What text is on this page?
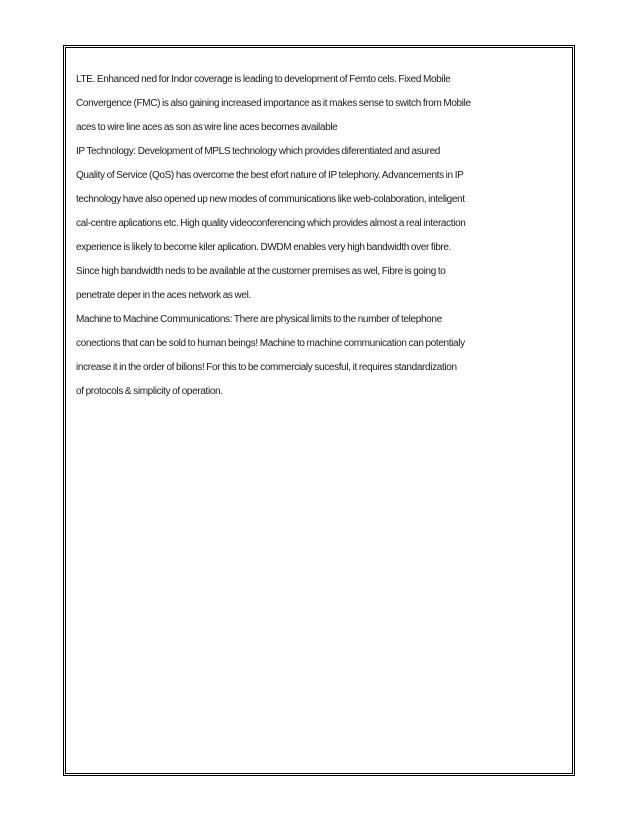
LTE. Enhanced ned for Indor coverage is leading to development of Femto cels. Fixed Mobile

Convergence (FMC) is also gaining increased importance as it makes sense to switch from Mobile

aces to wire line aces as son as wire line aces becomes available

IP Technology: Development of MPLS technology which provides diferentiated and asured

Quality of Service (QoS) has overcome the best efort nature of IP telephony. Advancements in IP

technology have also opened up new modes of communications like web-colaboration, inteligent

cal-centre aplications etc. High quality videoconferencing which provides almost a real interaction

experience is likely to become kiler aplication. DWDM enables very high bandwidth over fibre.

Since high bandwidth neds to be available at the customer premises as wel, Fibre is going to

penetrate deper in the aces network as wel.

Machine to Machine Communications: There are physical limits to the number of telephone

conections that can be sold to human beings! Machine to machine communication can potentialy

increase it in the order of bilions! For this to be commercialy sucesful, it requires standardization

of protocols & simplicity of operation.
